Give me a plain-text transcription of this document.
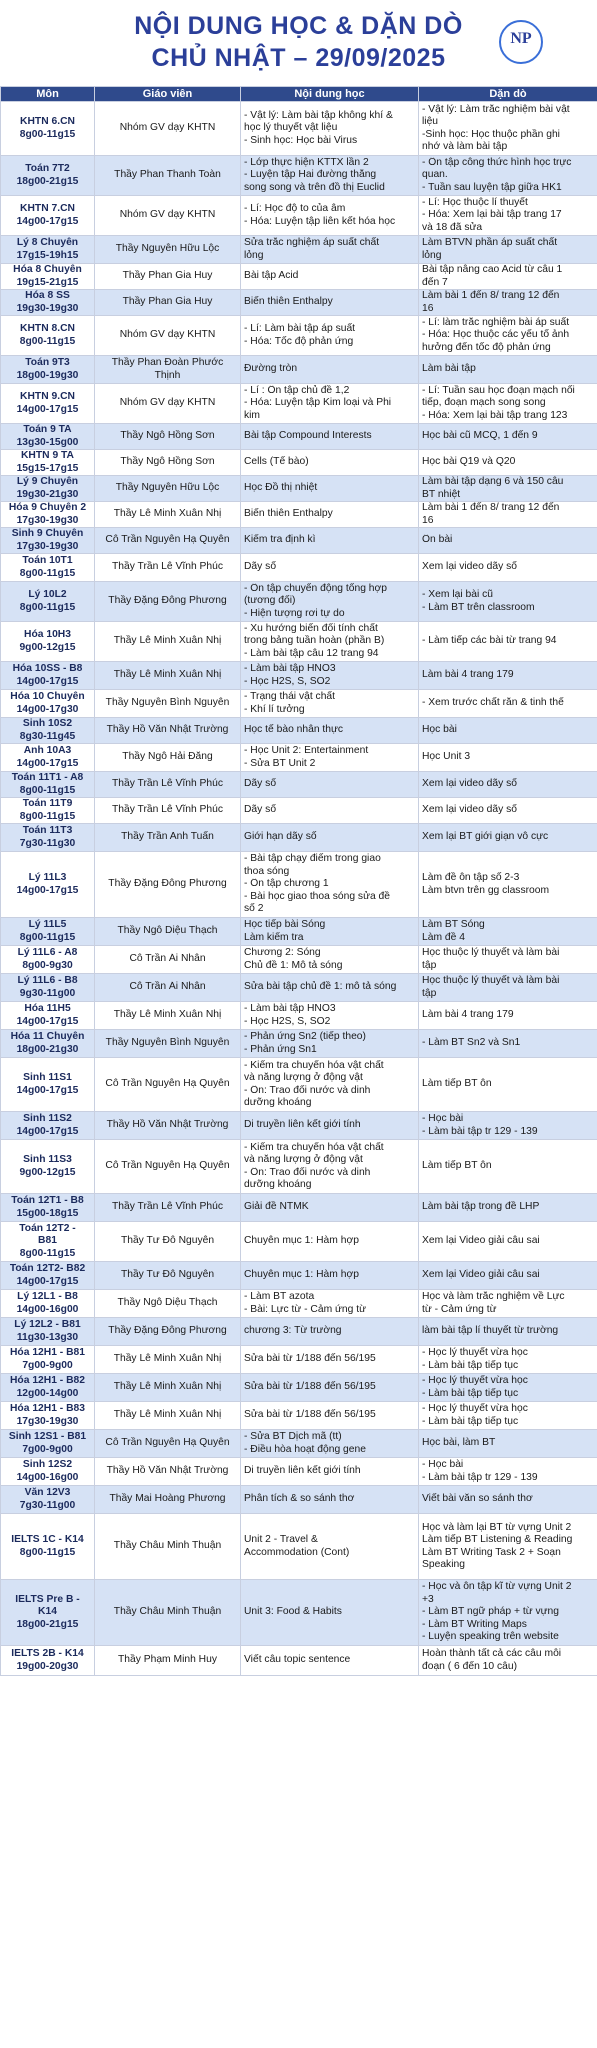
NỘI DUNG HỌC & DẶN DÒ
CHỦ NHẬT – 29/09/2025
NP
Môn	Giáo viên	Nội dung học	Dặn dò

KHTN 6.CN
8g00-11g15	Nhóm GV dạy KHTN	- Vật lý: Làm bài tập không khí &
học lý thuyết vật liệu
- Sinh học: Học bài Virus	- Vật lý: Làm trắc nghiệm bài vật
liệu
-Sinh học: Học thuộc phần ghi
nhớ và làm bài tập

Toán 7T2
18g00-21g15	Thầy Phan Thanh Toàn	- Lớp thực hiện KTTX lần 2
- Luyện tập Hai đường thẳng
song song và trên đồ thị Euclid	- Ôn tập công thức hình học trực
quan.
- Tuần sau luyện tập giữa HK1

KHTN 7.CN
14g00-17g15	Nhóm GV dạy KHTN	- Lí: Học độ to của âm
- Hóa: Luyện tập liên kết hóa học	- Lí: Học thuộc lí thuyết
- Hóa: Xem lại bài tập trang 17
và 18 đã sửa

Lý 8 Chuyên
17g15-19h15	Thầy Nguyễn Hữu Lộc	Sửa trắc nghiệm áp suất chất
lỏng	Làm BTVN phần áp suất chất
lỏng

Hóa 8 Chuyên
19g15-21g15	Thầy Phan Gia Huy	Bài tập Acid	Bài tập nâng cao Acid từ câu 1
đến 7

Hóa 8 SS
19g30-19g30	Thầy Phan Gia Huy	Biến thiên Enthalpy	Làm bài 1 đến 8/ trang 12 đến
16

KHTN 8.CN
8g00-11g15	Nhóm GV dạy KHTN	- Lí: Làm bài tập áp suất
- Hóa: Tốc độ phản ứng	- Lí: làm trắc nghiệm bài áp suất
- Hóa: Học thuộc các yếu tố ảnh
hưởng đến tốc độ phản ứng

Toán 9T3
18g00-19g30	Thầy Phan Đoàn Phước
Thịnh	Đường tròn	Làm bài tập

KHTN 9.CN
14g00-17g15	Nhóm GV dạy KHTN	- Lí : Ôn tập chủ đề 1,2
- Hóa: Luyện tập Kim loại và Phi
kim	- Lí: Tuần sau học đoạn mạch nối
tiếp, đoạn mạch song song
- Hóa: Xem lại bài tập trang 123

Toán 9 TA
13g30-15g00	Thầy Ngô Hồng Sơn	Bài tập Compound Interests	Học bài cũ MCQ, 1 đến 9

KHTN 9 TA
15g15-17g15	Thầy Ngô Hồng Sơn	Cells (Tế bào)	Học bài Q19 và Q20

Lý 9 Chuyên
19g30-21g30	Thầy Nguyễn Hữu Lộc	Học Đồ thị nhiệt	Làm bài tập dạng 6 và 150 câu
BT nhiệt

Hóa 9 Chuyên 2
17g30-19g30	Thầy Lê Minh Xuân Nhị	Biến thiên Enthalpy	Làm bài 1 đến 8/ trang 12 đến
16

Sinh 9 Chuyên
17g30-19g30	Cô Trần Nguyễn Hạ Quyên	Kiểm tra định kì	Ôn bài

Toán 10T1
8g00-11g15	Thầy Trần Lê Vĩnh Phúc	Dãy số	Xem lại video dãy số

Lý 10L2
8g00-11g15	Thầy Đặng Đông Phương	- Ôn tập chuyển động tổng hợp
(tương đối)
- Hiện tượng rơi tự do	- Xem lại bài cũ
- Làm BT trên classroom

Hóa 10H3
9g00-12g15	Thầy Lê Minh Xuân Nhị	- Xu hướng biến đổi tính chất
trong bảng tuần hoàn (phần B)
- Làm bài tập câu 12 trang 94	- Làm tiếp các bài từ trang 94

Hóa 10SS - B8
14g00-17g15	Thầy Lê Minh Xuân Nhị	- Làm bài tập HNO3
- Học H2S, S, SO2	Làm bài 4 trang 179

Hóa 10 Chuyên
14g00-17g30	Thầy Nguyễn Bình Nguyên	- Trạng thái vật chất
- Khí lí tưởng	- Xem trước chất rắn & tinh thể

Sinh 10S2
8g30-11g45	Thầy Hồ Văn Nhật Trường	Học tế bào nhân thực	Học bài

Anh 10A3
14g00-17g15	Thầy Ngô Hải Đăng	- Học Unit 2: Entertainment
- Sửa BT Unit 2	Học Unit 3

Toán 11T1 - A8
8g00-11g15	Thầy Trần Lê Vĩnh Phúc	Dãy số	Xem lại video dãy số

Toán 11T9
8g00-11g15	Thầy Trần Lê Vĩnh Phúc	Dãy số	Xem lại video dãy số

Toán 11T3
7g30-11g30	Thầy Trần Anh Tuấn	Giới hạn dãy số	Xem lại BT giới giạn vô cực

Lý 11L3
14g00-17g15	Thầy Đặng Đông Phương	- Bài tập chạy điểm trong giao
thoa sóng
- Ôn tập chương 1
- Bài học giao thoa sóng sửa đề
số 2	Làm đề ôn tập số 2-3
Làm btvn trên gg classroom

Lý 11L5
8g00-11g15	Thầy Ngô Diệu Thạch	Học tiếp bài Sóng
Làm kiểm tra	Làm BT Sóng
Làm đề 4

Lý 11L6 - A8
8g00-9g30	Cô Trần Ái Nhân	Chương 2: Sóng
Chủ đề 1: Mô tả sóng	Học thuộc lý thuyết và làm bài
tập

Lý 11L6 - B8
9g30-11g00	Cô Trần Ái Nhân	Sửa bài tập chủ đề 1: mô tả sóng	Học thuộc lý thuyết và làm bài
tập

Hóa 11H5
14g00-17g15	Thầy Lê Minh Xuân Nhị	- Làm bài tập HNO3
- Học H2S, S, SO2	Làm bài 4 trang 179

Hóa 11 Chuyên
18g00-21g30	Thầy Nguyễn Bình Nguyên	- Phản ứng Sn2 (tiếp theo)
- Phản ứng Sn1	- Làm BT Sn2 và Sn1

Sinh 11S1
14g00-17g15	Cô Trần Nguyễn Hạ Quyên	- Kiểm tra chuyển hóa vật chất
và năng lượng ở động vật
- Ôn: Trao đổi nước và dinh
dưỡng khoáng	Làm tiếp BT ôn

Sinh 11S2
14g00-17g15	Thầy Hồ Văn Nhật Trường	Di truyền liên kết giới tính	- Học bài
- Làm bài tập tr 129 - 139

Sinh 11S3
9g00-12g15	Cô Trần Nguyễn Hạ Quyên	- Kiểm tra chuyển hóa vật chất
và năng lượng ở động vật
- Ôn: Trao đổi nước và dinh
dưỡng khoáng	Làm tiếp BT ôn

Toán 12T1 - B8
15g00-18g15	Thầy Trần Lê Vĩnh Phúc	Giải đề NTMK	Làm bài tập trong đề LHP

Toán 12T2 -
B81
8g00-11g15	Thầy Tư Đô Nguyên	Chuyên mục 1: Hàm hợp	Xem lại Video giải câu sai

Toán 12T2- B82
14g00-17g15	Thầy Tư Đô Nguyên	Chuyên mục 1: Hàm hợp	Xem lại Video giải câu sai

Lý 12L1 - B8
14g00-16g00	Thầy Ngô Diệu Thạch	- Làm BT azota
- Bài: Lực từ - Cảm ứng từ	Học và làm trắc nghiệm về Lực
từ - Cảm ứng từ

Lý 12L2 - B81
11g30-13g30	Thầy Đặng Đông Phương	chương 3: Từ trường	làm bài tập lí thuyết từ trường

Hóa 12H1 - B81
7g00-9g00	Thầy Lê Minh Xuân Nhị	Sửa bài từ 1/188 đến 56/195	- Học lý thuyết vừa học
- Làm bài tập tiếp tục

Hóa 12H1 - B82
12g00-14g00	Thầy Lê Minh Xuân Nhị	Sửa bài từ 1/188 đến 56/195	- Học lý thuyết vừa học
- Làm bài tập tiếp tục

Hóa 12H1 - B83
17g30-19g30	Thầy Lê Minh Xuân Nhị	Sửa bài từ 1/188 đến 56/195	- Học lý thuyết vừa học
- Làm bài tập tiếp tục

Sinh 12S1 - B81
7g00-9g00	Cô Trần Nguyễn Hạ Quyên	- Sửa BT Dịch mã (tt)
- Điều hòa hoạt động gene	Học bài, làm BT

Sinh 12S2
14g00-16g00	Thầy Hồ Văn Nhật Trường	Di truyền liên kết giới tính	- Học bài
- Làm bài tập tr 129 - 139

Văn 12V3
7g30-11g00	Thầy Mai Hoàng Phương	Phân tích & so sánh thơ	Viết bài văn so sánh thơ

IELTS 1C - K14
8g00-11g15	Thầy Châu Minh Thuận	Unit 2 - Travel &
Accommodation (Cont)	Học và làm lại BT từ vựng Unit 2
Làm tiếp BT Listening & Reading
Làm BT Writing Task 2 + Soạn
Speaking

IELTS Pre B -
K14
18g00-21g15	Thầy Châu Minh Thuận	Unit 3: Food & Habits	- Học và ôn tập kĩ từ vựng Unit 2
+3
- Làm BT ngữ pháp + từ vựng
- Làm BT Writing Maps
- Luyện speaking trên website

IELTS 2B - K14
19g00-20g30	Thầy Phạm Minh Huy	Viết câu topic sentence	Hoàn thành tất cả các câu mỗi
đoạn ( 6 đến 10 câu)
